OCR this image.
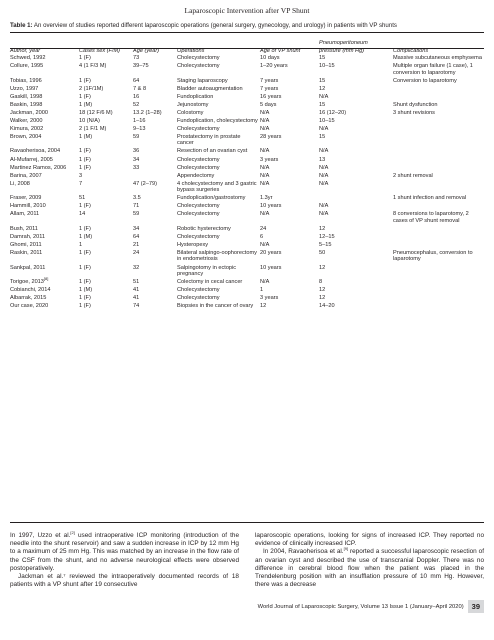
Laparoscopic Intervention after VP Shunt
Table 1: An overview of studies reported different laparoscopic operations (general surgery, gynecology, and urology) in patients with VP shunts
					Pneumoperitoneum	
Author, year	Cases sex (F/M)	Age (year)	Operations	Age of VP shunt	pressure (mm Hg)	Complications
Schwed, 1992	1 (F)	73	Cholecystectomy	10 days	15	Massive subcutaneous emphysema
Collure, 1995	4 (1 F/3 M)	39–75	Cholecystectomy	1–20 years	10–15	Multiple organ failure (1 case), 1 conversion to laparotomy
Tobias, 1996	1 (F)	64	Staging laparoscopy	7 years	15	Conversion to laparotomy
Uzzo, 1997	2 (1F/1M)	7 & 8	Bladder autoaugmentation	7 years	12	
Gaskill, 1998	1 (F)	16	Fundoplication	16 years	N/A	
Baskin, 1998	1 (M)	52	Jejunostomy	5 days	15	Shunt dysfunction
Jackman, 2000	18 (12 F/6 M)	13.2 (1–28)	Colostomy	N/A	16 (12–20)	3 shunt revisions
Walker, 2000	10 (N/A)	1–16	Fundoplication, cholecystectomy	N/A	10–15	
Kimura, 2002	2 (1 F/1 M)	9–13	Cholecystectomy	N/A	N/A	
Brown, 2004	1 (M)	59	Prostatectomy in prostate cancer	28 years	15	
Ravaoherisoa, 2004	1 (F)	36	Resection of an ovarian cyst	N/A	N/A	
Al-Mufarrej, 2005	1 (F)	34	Cholecystectomy	3 years	13	
Martinez Ramos, 2006	1 (F)	33	Cholecystectomy	N/A	N/A	
Barina, 2007	3		Appendectomy	N/A	N/A	2 shunt removal
Li, 2008	7	47 (2–79)	4 cholecystectomy and 3 gastric bypass surgeries	N/A	N/A	
Fraser, 2009	51	3.5	Fundoplication/gastrostomy	1.3yr		1 shunt infection and removal
Hammill, 2010	1 (F)	71	Cholecystectomy	10 years	N/A	
Allam, 2011	14	59	Cholecystectomy	N/A	N/A	8 conversions to laparotomy, 2 cases of VP shunt removal
Bush, 2011	1 (F)	34	Robotic hysterectomy	24	12	
Damrah, 2011	1 (M)	64	Cholecystectomy	6	12–15	
Ghomi, 2011	1	21	Hysteropexy	N/A	5–15	
Raskin, 2011	1 (F)	24	Bilateral salpingo-oophorectomy in endometriosis	20 years	50	Pneumocephalus, conversion to laparotomy
Sankpal, 2011	1 (F)	32	Salpingotomy in ectopic pregnancy	10 years	12	
Torigoe, 2013[8]	1 (F)	51	Colectomy in cecal cancer	N/A	8	
Cobianchi, 2014	1 (M)	41	Cholecystectomy	1	12	
Albarrak, 2015	1 (F)	41	Cholecystectomy	3 years	12	
Our case, 2020	1 (F)	74	Biopsies in the cancer of ovary	12	14–20	

In 1997, Uzzo et al.[2] used intraoperative ICP monitoring (introduction of the needle into the shunt reservoir) and saw a sudden increase in ICP by 12 mm Hg to a maximum of 25 mm Hg. This was matched by an increase in the flow rate of the CSF from the shunt, and no adverse neurological effects were observed postoperatively.

Jackman et al.⁷ reviewed the intraoperatively documented records of 18 patients with a VP shunt after 19 consecutive

laparoscopic operations, looking for signs of increased ICP. They reported no evidence of clinically increased ICP.

In 2004, Ravaoherisoa et al.[9] reported a successful laparoscopic resection of an ovarian cyst and described the use of transcranial Doppler. There was no difference in cerebral blood flow when the patient was placed in the Trendelenburg position with an insufflation pressure of 10 mm Hg. However, there was a decrease

World Journal of Laparoscopic Surgery, Volume 13 Issue 1 (January–April 2020)	39
